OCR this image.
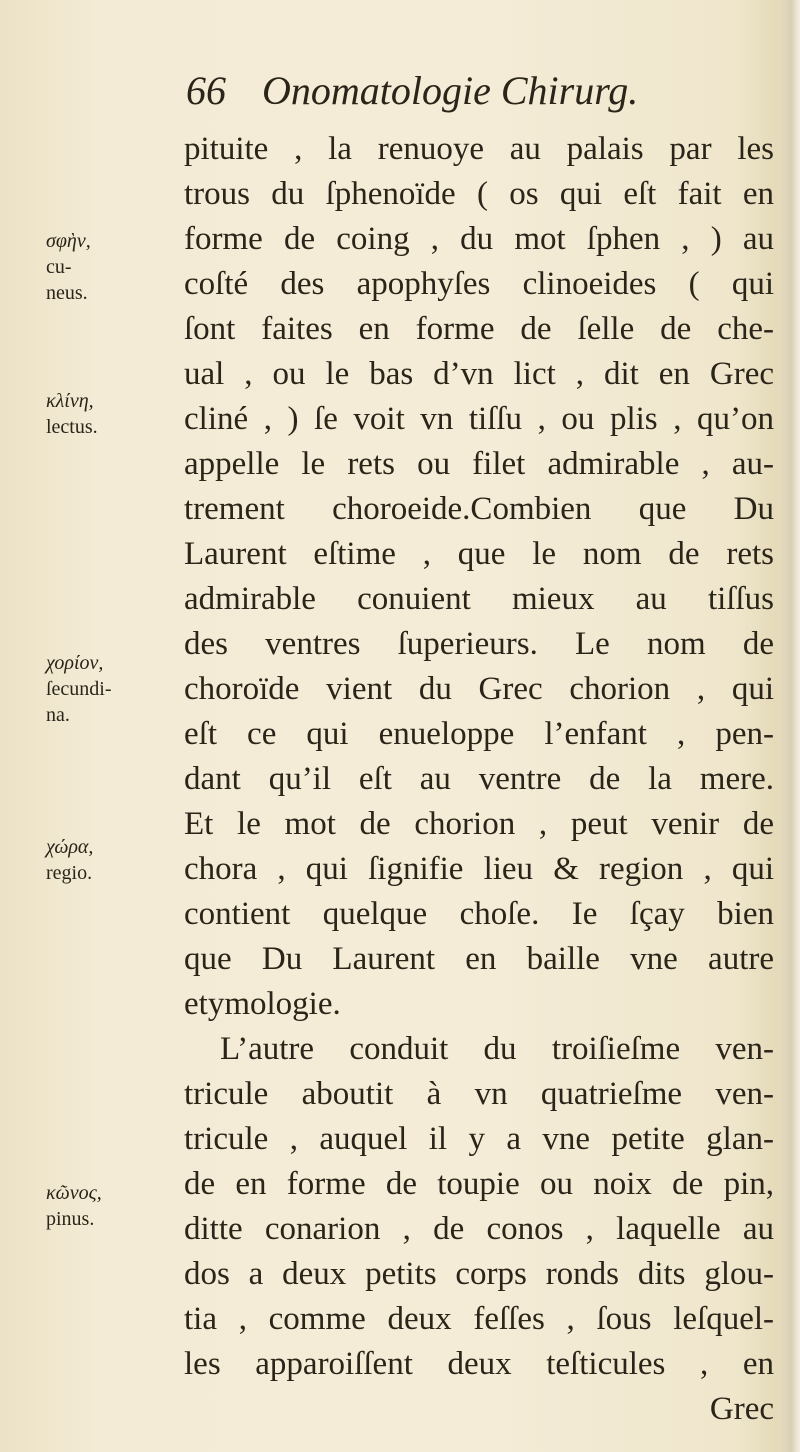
66 Onomatologie Chirurg.
σφὴν,
cu-
neus.
κλίνη,
lectus.
χορίον,
ſecundi-
na.
χώρα,
regio.
κῶνος,
pinus.
pituite , la renuoye au palais par les
trous du ſphenoïde ( os qui eſt fait en
forme de coing , du mot ſphen , ) au
coſté des apophyſes clinoeides ( qui
ſont faites en forme de ſelle de che-
ual , ou le bas d’vn lict , dit en Grec
cliné , ) ſe voit vn tiſſu , ou plis , qu’on
appelle le rets ou filet admirable , au-
trement choroeide.Combien que Du
Laurent eſtime , que le nom de rets
admirable conuient mieux au tiſſus
des ventres ſuperieurs. Le nom de
choroïde vient du Grec chorion , qui
eſt ce qui enueloppe l’enfant , pen-
dant qu’il eſt au ventre de la mere.
Et le mot de chorion , peut venir de
chora , qui ſignifie lieu & region , qui
contient quelque choſe. Ie ſçay bien
que Du Laurent en baille vne autre
etymologie.
L’autre conduit du troiſieſme ven-
tricule aboutit à vn quatrieſme ven-
tricule , auquel il y a vne petite glan-
de en forme de toupie ou noix de pin,
ditte conarion , de conos , laquelle au
dos a deux petits corps ronds dits glou-
tia , comme deux feſſes , ſous leſquel-
les apparoiſſent deux teſticules , en
Grec
